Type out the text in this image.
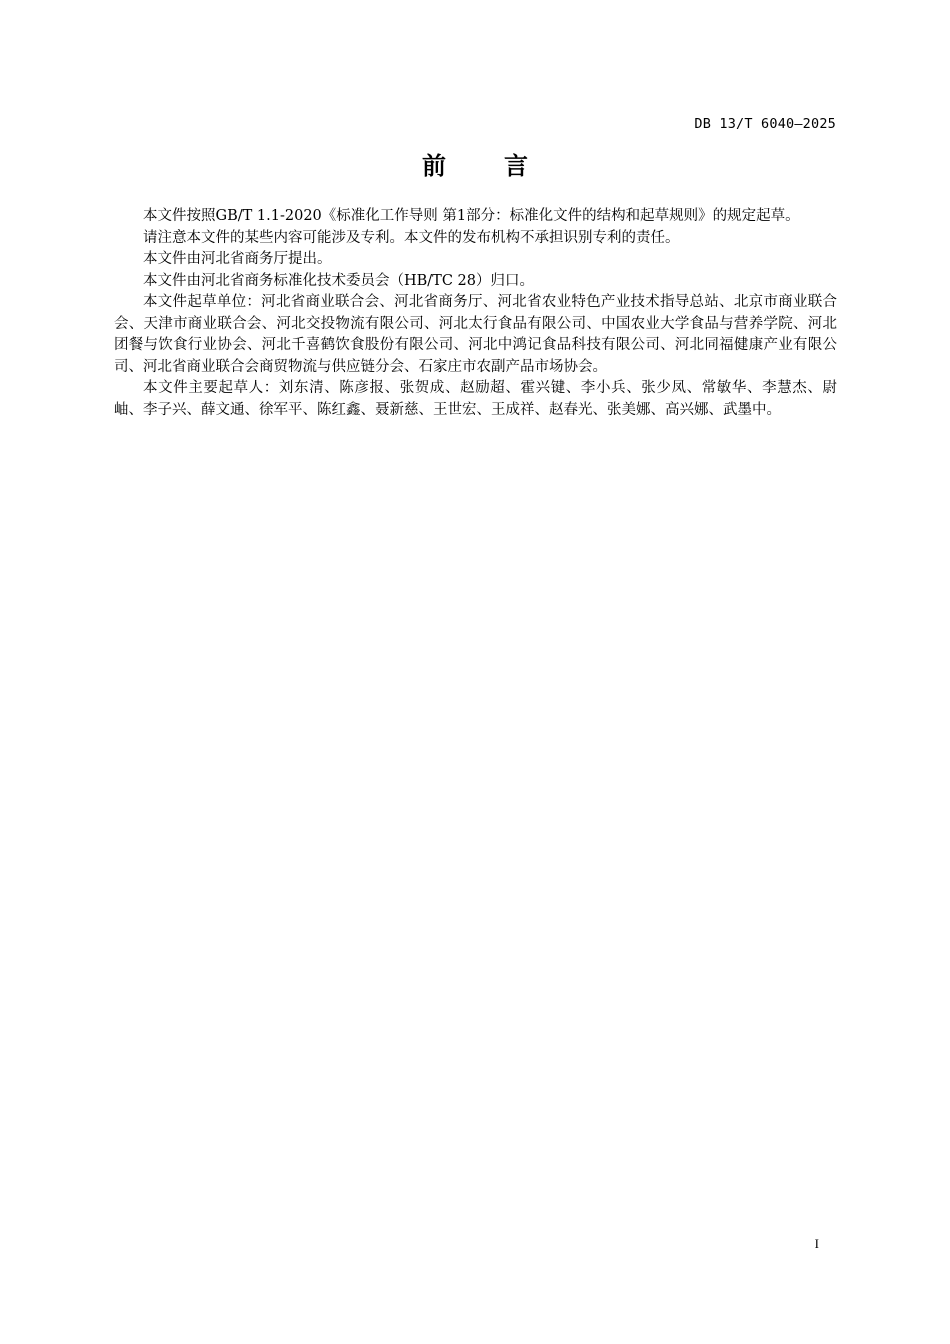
DB 13/T 6040—2025
前言

本文件按照GB/T 1.1-2020《标准化工作导则 第1部分：标准化文件的结构和起草规则》的规定起草。

请注意本文件的某些内容可能涉及专利。本文件的发布机构不承担识别专利的责任。

本文件由河北省商务厅提出。

本文件由河北省商务标准化技术委员会（HB/TC 28）归口。

本文件起草单位：河北省商业联合会、河北省商务厅、河北省农业特色产业技术指导总站、北京市商业联合会、天津市商业联合会、河北交投物流有限公司、河北太行食品有限公司、中国农业大学食品与营养学院、河北团餐与饮食行业协会、河北千喜鹤饮食股份有限公司、河北中鸿记食品科技有限公司、河北同福健康产业有限公司、河北省商业联合会商贸物流与供应链分会、石家庄市农副产品市场协会。

本文件主要起草人：刘东清、陈彦报、张贺成、赵励超、霍兴键、李小兵、张少凤、常敏华、李慧杰、尉岫、李子兴、薛文通、徐军平、陈红鑫、聂新慈、王世宏、王成祥、赵春光、张美娜、高兴娜、武墨中。

I
